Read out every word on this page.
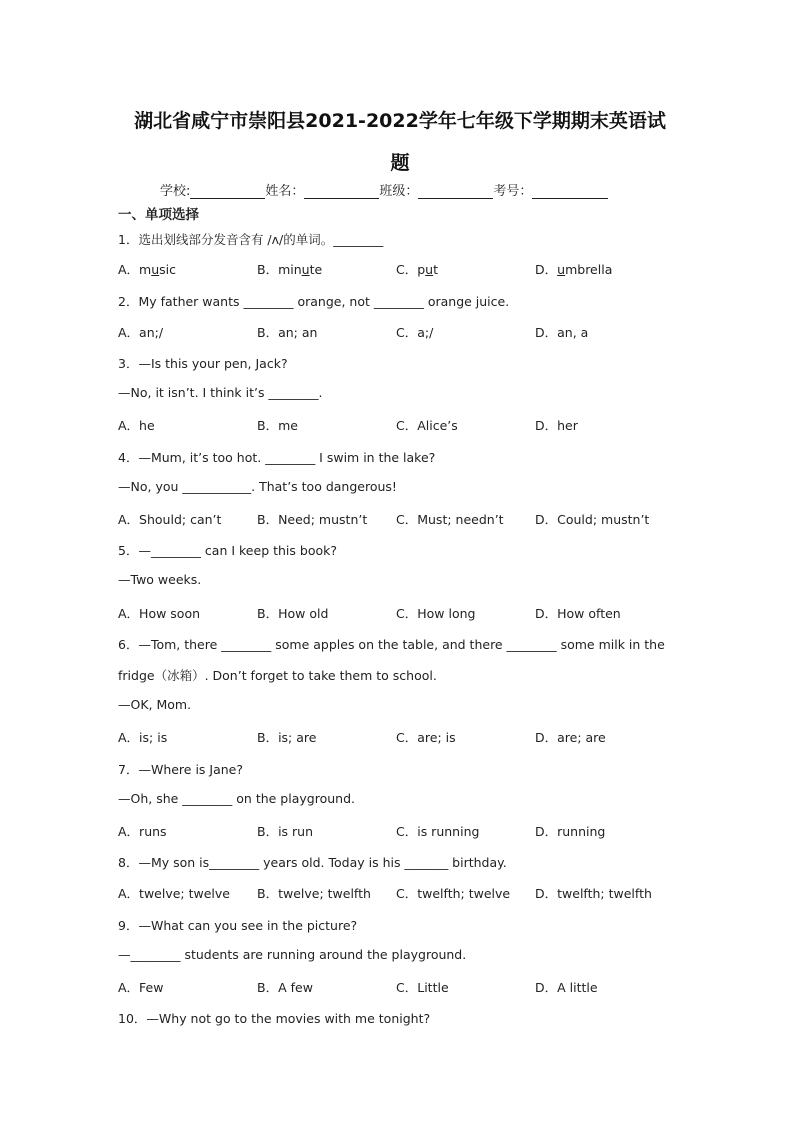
湖北省咸宁市崇阳县2021-2022学年七年级下学期期末英语试
题
学校:	姓名：	班级：	考号：
一、单项选择
1．选出划线部分发音含有 /ʌ/的单词。________
A．music	B．minute	C．put	D．umbrella
2．My father wants ________ orange, not ________ orange juice.
A．an;/	B．an; an	C．a;/	D．an, a
3．—Is this your pen, Jack?
—No, it isn’t. I think it’s ________.
A．he	B．me	C．Alice’s	D．her
4．—Mum, it’s too hot. ________ I swim in the lake?
—No, you ___________. That’s too dangerous!
A．Should; can’t	B．Need; mustn’t C．Must; needn’t	D．Could; mustn’t
5．—________ can I keep this book?
—Two weeks.
A．How soon	B．How old	C．How long	D．How often
6．—Tom, there ________ some apples on the table, and there ________ some milk in the
fridge（冰箱）. Don’t forget to take them to school.
—OK, Mom.
A．is; is	B．is; are	C．are; is	D．are; are
7．—Where is Jane?
—Oh, she ________ on the playground.
A．runs	B．is run	C．is running	D．running
8．—My son is________ years old. Today is his _______ birthday.
A．twelve; twelve B．twelve; twelfth C．twelfth; twelve D．twelfth; twelfth
9．—What can you see in the picture?
—________ students are running around the playground.
A．Few	B．A few	C．Little	D．A little
10．—Why not go to the movies with me tonight?
